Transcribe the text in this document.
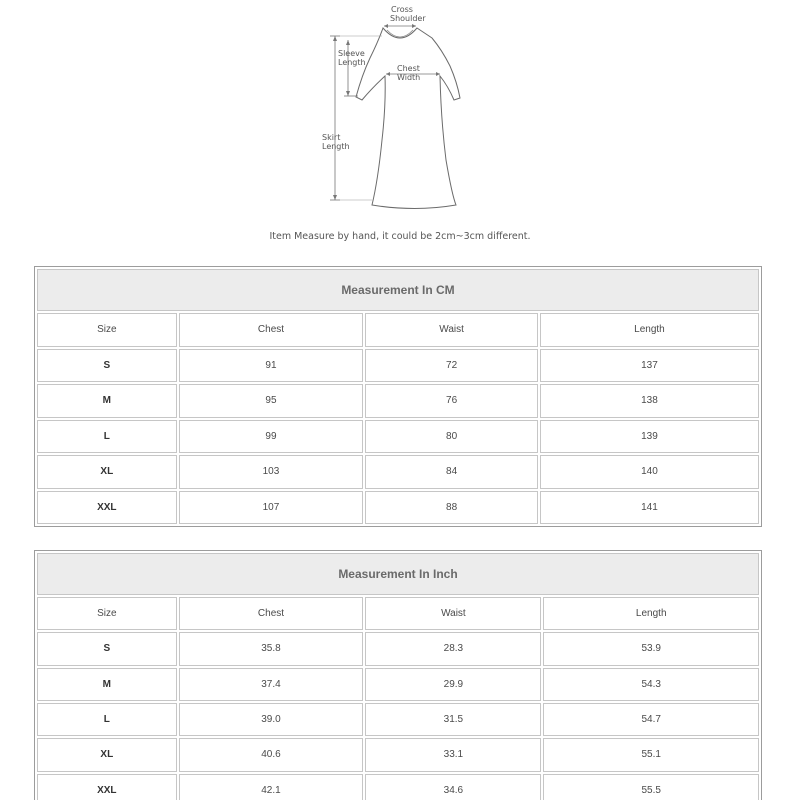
Cross
Shoulder
Sleeve
Length
Chest
Width
Skirt
Length
Item Measure by hand, it could be 2cm~3cm different.
Measurement In CM			
Size	Chest	Waist	Length
S	91	72	137
M	95	76	138
L	99	80	139
XL	103	84	140
XXL	107	88	141
Measurement In Inch			
Size	Chest	Waist	Length
S	35.8	28.3	53.9
M	37.4	29.9	54.3
L	39.0	31.5	54.7
XL	40.6	33.1	55.1
XXL	42.1	34.6	55.5
